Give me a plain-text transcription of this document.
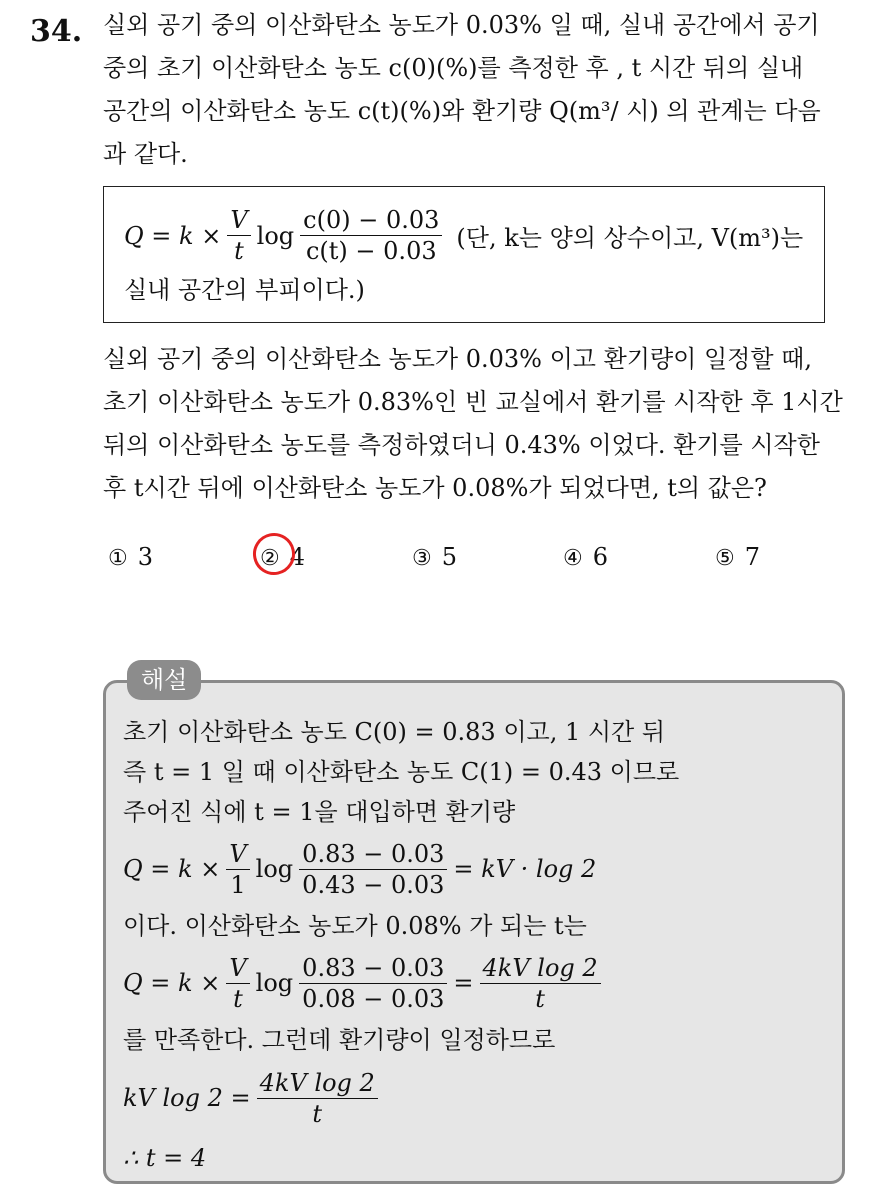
34. 실외 공기 중의 이산화탄소 농도가 0.03% 일 때, 실내 공간에서 공기
중의 초기 이산화탄소 농도 c(0)(%)를 측정한 후 , t 시간 뒤의 실내
공간의 이산화탄소 농도 c(t)(%)와 환기량 Q(m³/ 시) 의 관계는 다음
과 같다.
$Q = k \times \frac{V}{t}$ $\log \frac{c(0) - 0.03}{c(t) - 0.03}$ (단, k는 양의 상수이고, V(m³)는
실내 공간의 부피이다.)
실외 공기 중의 이산화탄소 농도가 0.03% 이고 환기량이 일정할 때,
초기 이산화탄소 농도가 0.83%인 빈 교실에서 환기를 시작한 후 1시간
뒤의 이산화탄소 농도를 측정하였더니 0.43% 이었다. 환기를 시작한
후 t시간 뒤에 이산화탄소 농도가 0.08%가 되었다면, t의 값은?
① 3	② 4	③ 5	④ 6	⑤ 7
해설
초기 이산화탄소 농도 C(0) = 0.83 이고, 1 시간 뒤
즉 t = 1 일 때 이산화탄소 농도 C(1) = 0.43 이므로
주어진 식에 t = 1을 대입하면 환기량
$Q = k \times \frac{V}{1}$ $\log \frac{0.83 - 0.03}{0.43 - 0.03}$ = kV · log 2
이다. 이산화탄소 농도가 0.08% 가 되는 t는
$Q = k \times \frac{V}{t}$ $\log \frac{0.83 - 0.03}{0.08 - 0.03} = \frac{\text{4kV log 2}}{t}$
를 만족한다. 그런데 환기량이 일정하므로
kV $\log 2 = \frac{\text{4kV log 2}}{t}$
∴ t = 4
